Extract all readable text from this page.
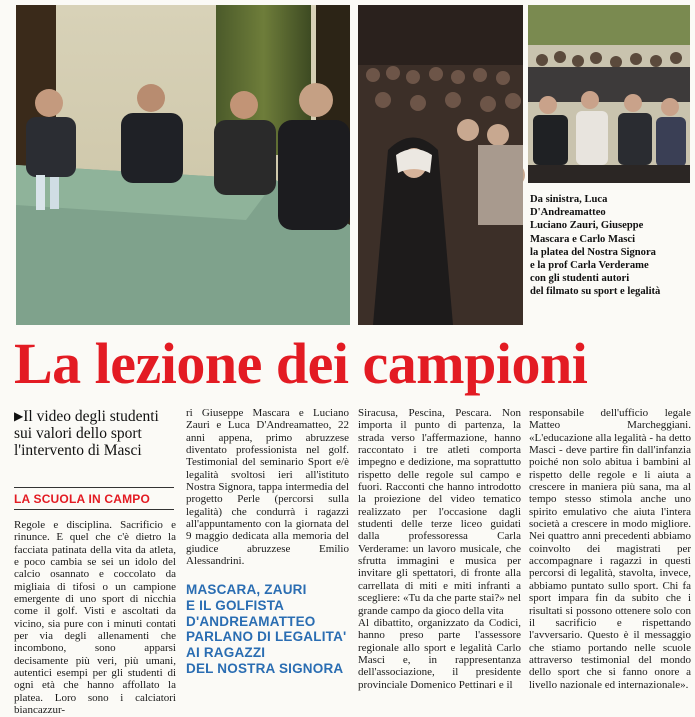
Da sinistra, Luca

D'Andreamatteo

Luciano Zauri, Giuseppe

Mascara e Carlo Masci

la platea del Nostra Signora

e la prof Carla Verderame

con gli studenti autori

del filmato su sport e legalità

La lezione dei campioni
▶Il video degli studenti sui valori dello sport l'intervento di Masci
LA SCUOLA IN CAMPO

Regole e disciplina. Sacrificio e rinunce. E quel che c'è dietro la facciata patinata della vita da atleta, e poco cambia se sei un idolo del calcio osannato e coccolato da migliaia di tifosi o un campione emergente di uno sport di nicchia come il golf. Visti e ascoltati da vicino, sia pure con i minuti contati per via degli allenamenti che incombono, sono apparsi decisamente più veri, più umani, autentici esempi per gli studenti di ogni età che hanno affollato la platea. Loro sono i calciatori biancazzur-

ri Giuseppe Mascara e Luciano Zauri e Luca D'Andreamatteo, 22 anni appena, primo abruzzese diventato professionista nel golf. Testimonial del seminario Sport e/è legalità svoltosi ieri all'istituto Nostra Signora, tappa intermedia del progetto Perle (percorsi sulla legalità) che condurrà i ragazzi all'appuntamento con la giornata del 9 maggio dedicata alla memoria del giudice abruzzese Emilio Alessandrini.

Siracusa, Pescina, Pescara. Non importa il punto di partenza, la strada verso l'affermazione, hanno raccontato i tre atleti comporta impegno e dedizione, ma soprattutto rispetto delle regole sul campo e fuori. Racconti che hanno introdotto la proiezione del video tematico realizzato per l'occasione dagli studenti delle terze liceo guidati dalla professoressa Carla Verderame: un lavoro musicale, che sfrutta immagini e musica per invitare gli spettatori, di fronte alla carrellata di miti e miti infranti a scegliere: «Tu da che parte stai?» nel grande campo da gioco della vita
Al dibattito, organizzato da Codici, hanno preso parte l'assessore regionale allo sport e legalità Carlo Masci e, in rappresentanza dell'associazione, il presidente provinciale Domenico Pettinari e il

responsabile dell'ufficio legale Matteo Marcheggiani. «L'educazione alla legalità - ha detto Masci - deve partire fin dall'infanzia poiché non solo abitua i bambini al rispetto delle regole e li aiuta a crescere in maniera più sana, ma al tempo stesso stimola anche uno spirito emulativo che aiuta l'intera società a crescere in modo migliore. Nei quattro anni precedenti abbiamo coinvolto dei magistrati per accompagnare i ragazzi in questi percorsi di legalità, stavolta, invece, abbiamo puntato sullo sport. Chi fa sport impara fin da subito che i risultati si possono ottenere solo con il sacrificio e rispettando l'avversario. Questo è il messaggio che stiamo portando nelle scuole attraverso testimonial del mondo dello sport che si fanno onore a livello nazionale ed internazionale».

MASCARA, ZAURI

E IL GOLFISTA

D'ANDREAMATTEO

PARLANO DI LEGALITA'

AI RAGAZZI

DEL NOSTRA SIGNORA
